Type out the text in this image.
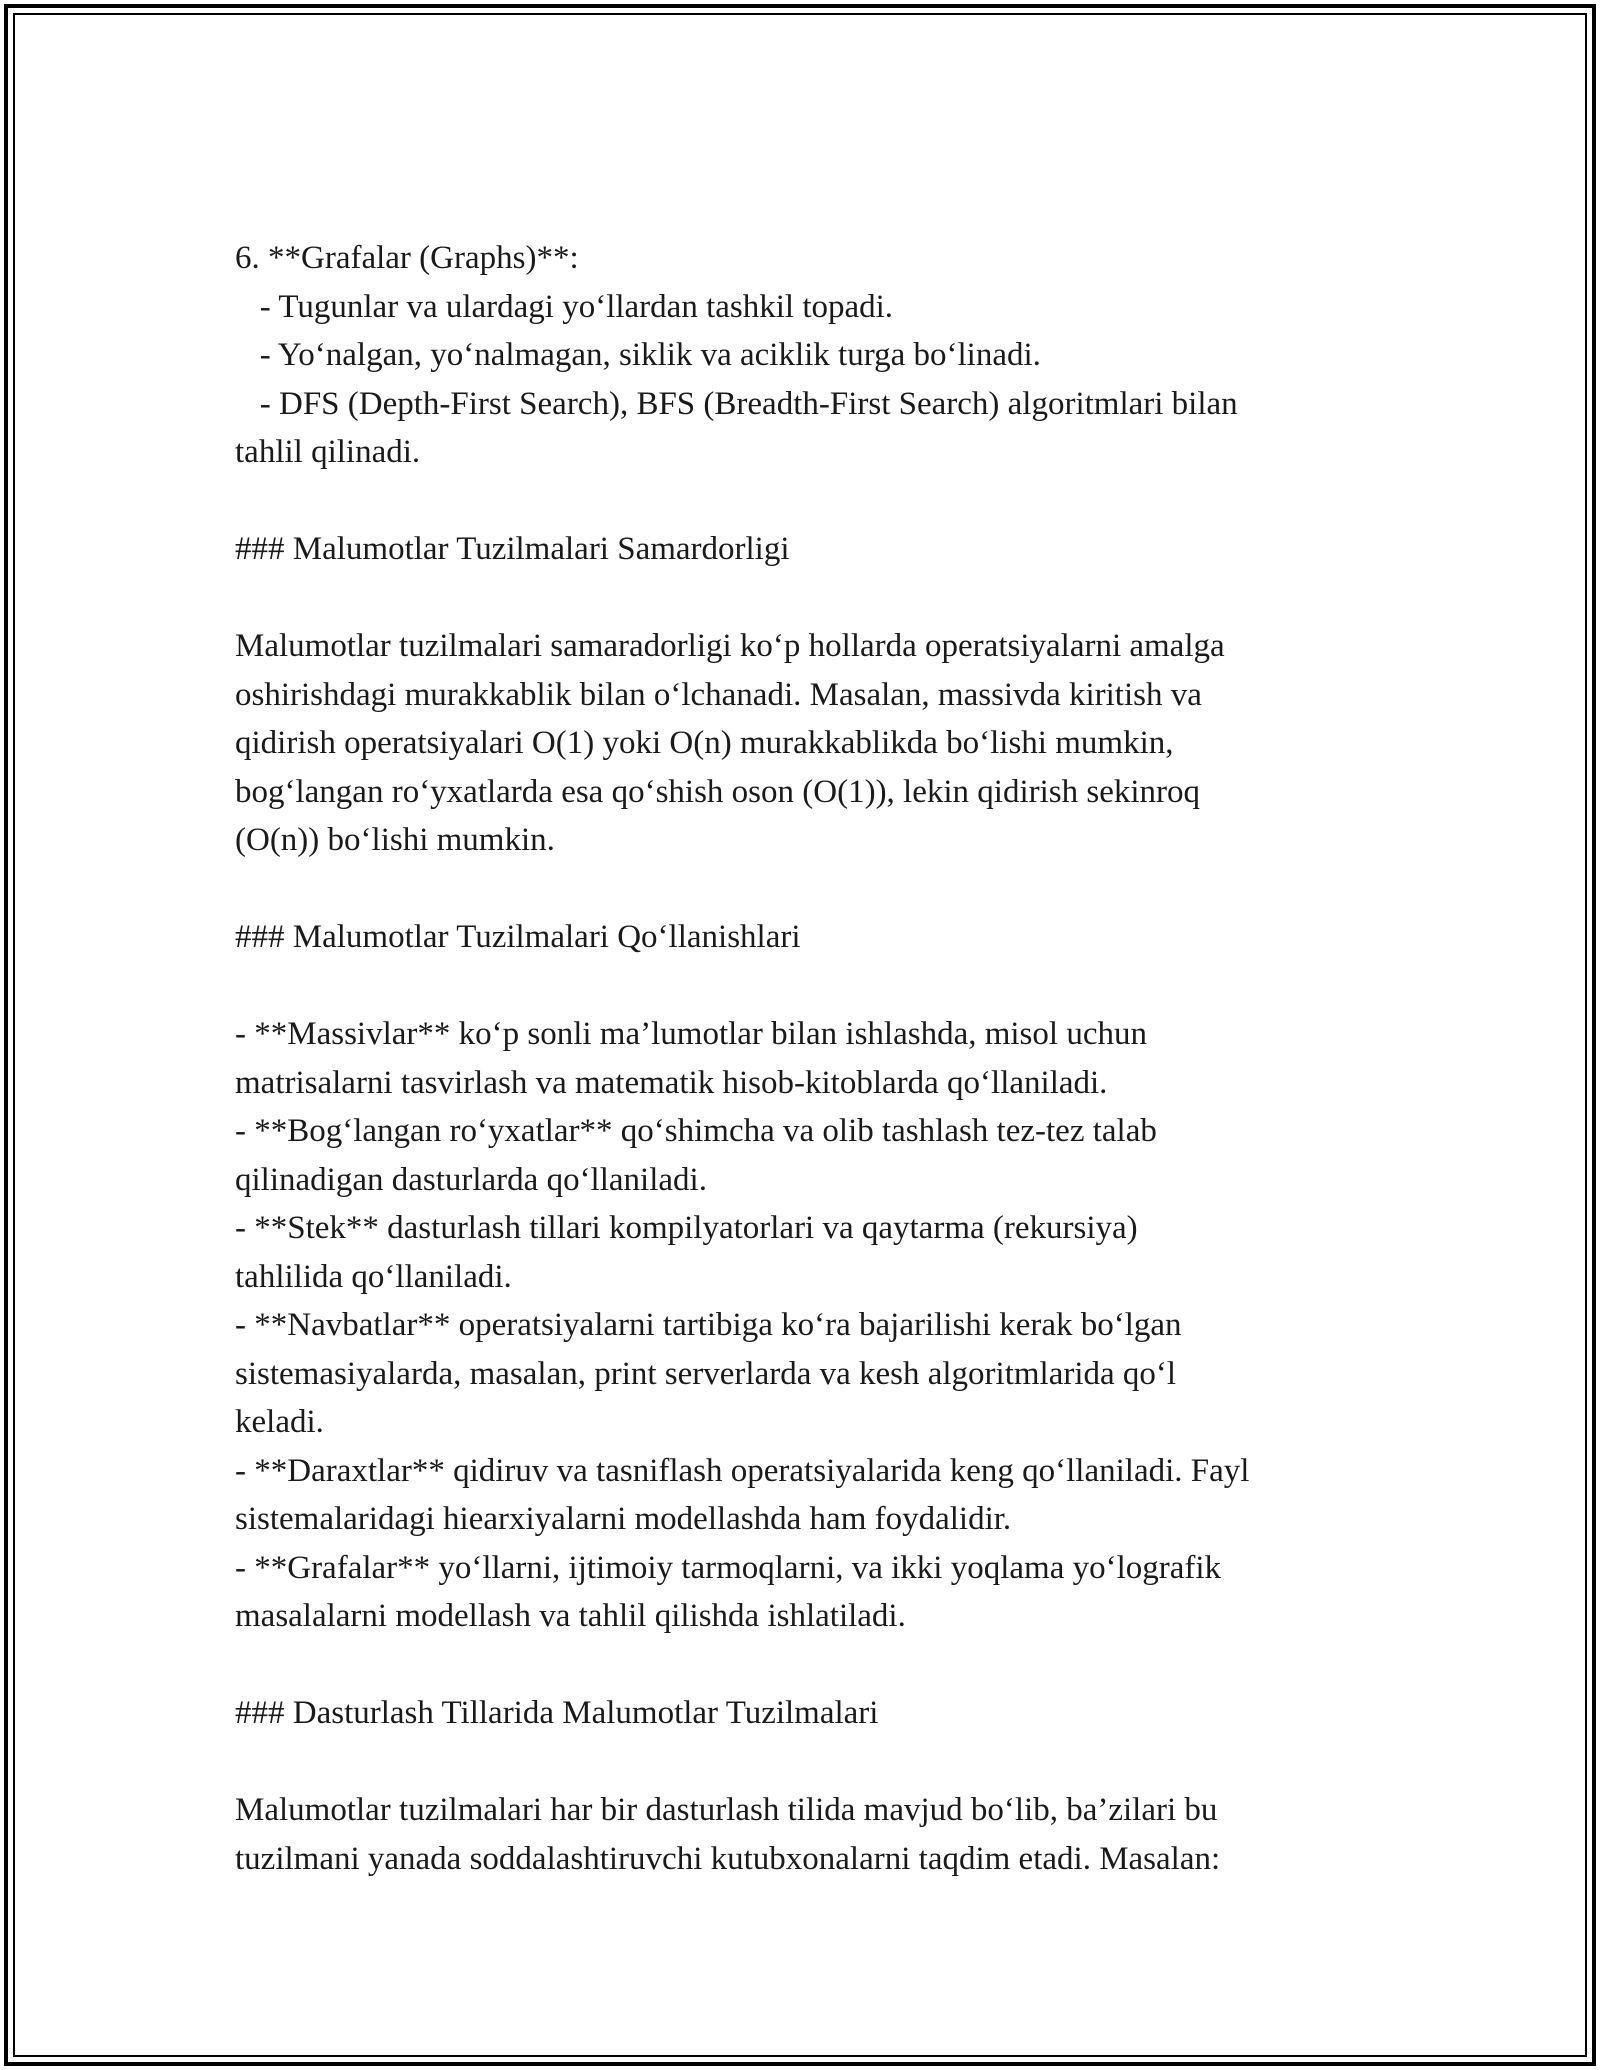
6. **Grafalar (Graphs)**:
- Tugunlar va ulardagi yo‘llardan tashkil topadi.
- Yo‘nalgan, yo‘nalmagan, siklik va aciklik turga bo‘linadi.
- DFS (Depth-First Search), BFS (Breadth-First Search) algoritmlari bilan
tahlil qilinadi.
### Malumotlar Tuzilmalari Samardorligi
Malumotlar tuzilmalari samaradorligi ko‘p hollarda operatsiyalarni amalga
oshirishdagi murakkablik bilan o‘lchanadi. Masalan, massivda kiritish va
qidirish operatsiyalari O(1) yoki O(n) murakkablikda bo‘lishi mumkin,
bog‘langan ro‘yxatlarda esa qo‘shish oson (O(1)), lekin qidirish sekinroq
(O(n)) bo‘lishi mumkin.
### Malumotlar Tuzilmalari Qo‘llanishlari
- **Massivlar** ko‘p sonli ma’lumotlar bilan ishlashda, misol uchun
matrisalarni tasvirlash va matematik hisob-kitoblarda qo‘llaniladi.
- **Bog‘langan ro‘yxatlar** qo‘shimcha va olib tashlash tez-tez talab
qilinadigan dasturlarda qo‘llaniladi.
- **Stek** dasturlash tillari kompilyatorlari va qaytarma (rekursiya)
tahlilida qo‘llaniladi.
- **Navbatlar** operatsiyalarni tartibiga ko‘ra bajarilishi kerak bo‘lgan
sistemasiyalarda, masalan, print serverlarda va kesh algoritmlarida qo‘l
keladi.
- **Daraxtlar** qidiruv va tasniflash operatsiyalarida keng qo‘llaniladi. Fayl
sistemalaridagi hiearxiyalarni modellashda ham foydalidir.
- **Grafalar** yo‘llarni, ijtimoiy tarmoqlarni, va ikki yoqlama yo‘lografik
masalalarni modellash va tahlil qilishda ishlatiladi.
### Dasturlash Tillarida Malumotlar Tuzilmalari
Malumotlar tuzilmalari har bir dasturlash tilida mavjud bo‘lib, ba’zilari bu
tuzilmani yanada soddalashtiruvchi kutubxonalarni taqdim etadi. Masalan:
